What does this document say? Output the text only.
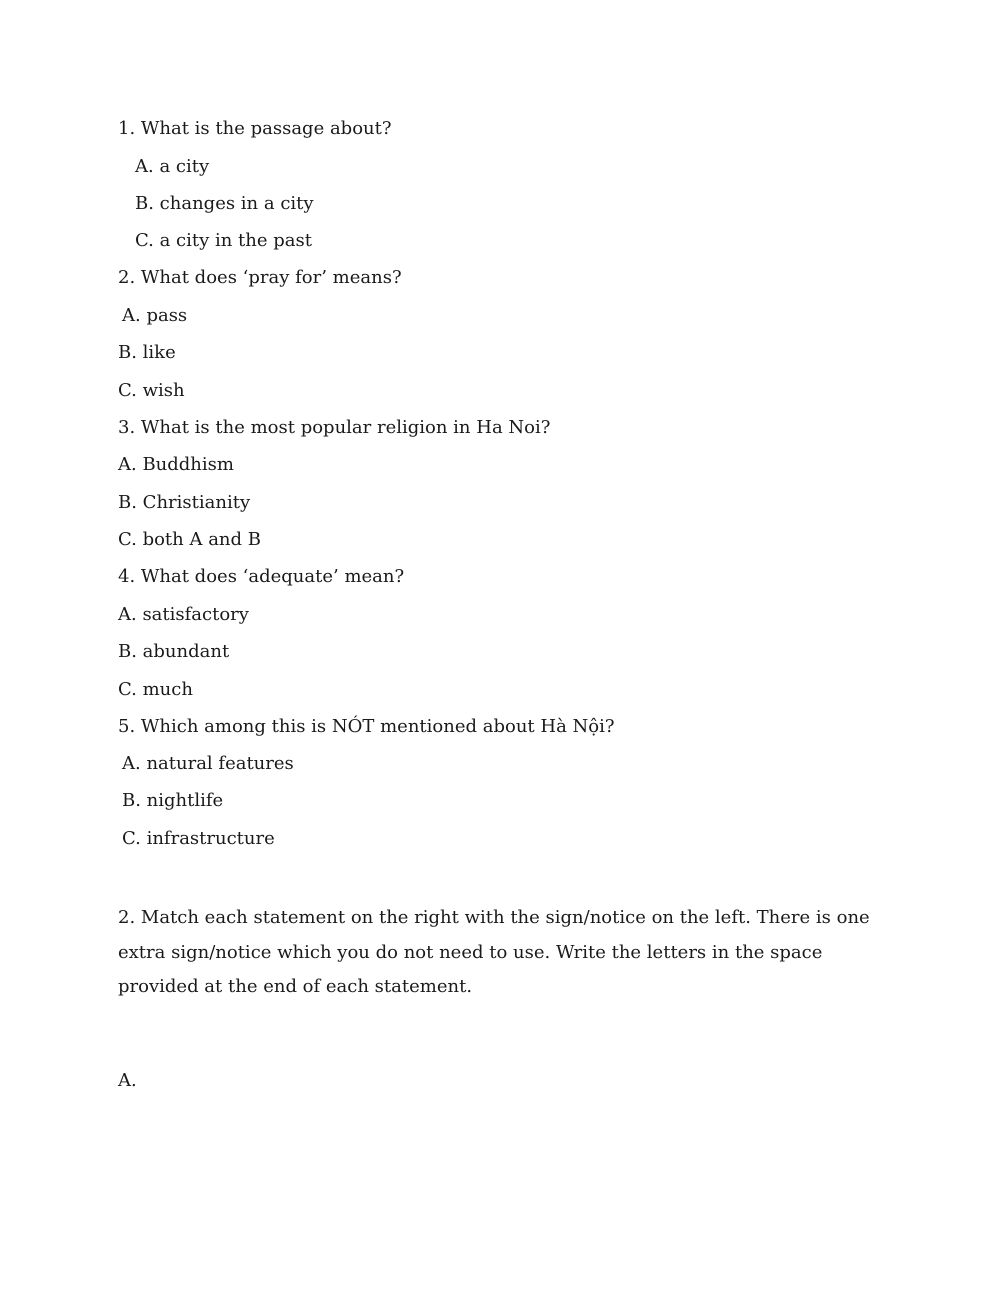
1. What is the passage about?
A. a city
B. changes in a city
C. a city in the past
2. What does ‘pray for’ means?
A. pass
B. like
C. wish
3. What is the most popular religion in Ha Noi?
A. Buddhism
B. Christianity
C. both A and B
4. What does ‘adequate’ mean?
A. satisfactory
B. abundant
C. much
5. Which among this is NÓT mentioned about Hà Nội?
A. natural features
B. nightlife
C. infrastructure
2. Match each statement on the right with the sign/notice on the left. There is one extra sign/notice which you do not need to use. Write the letters in the space provided at the end of each statement.
A.
